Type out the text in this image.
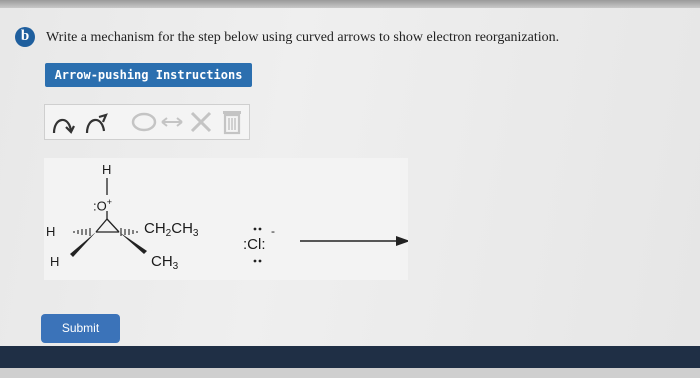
b	Write a mechanism for the step below using curved arrows to show electron reorganization.
Arrow-pushing Instructions
H
:O+
H
H
$CH_2CH_3$
$CH_3$
:Cl:
-
Submit
